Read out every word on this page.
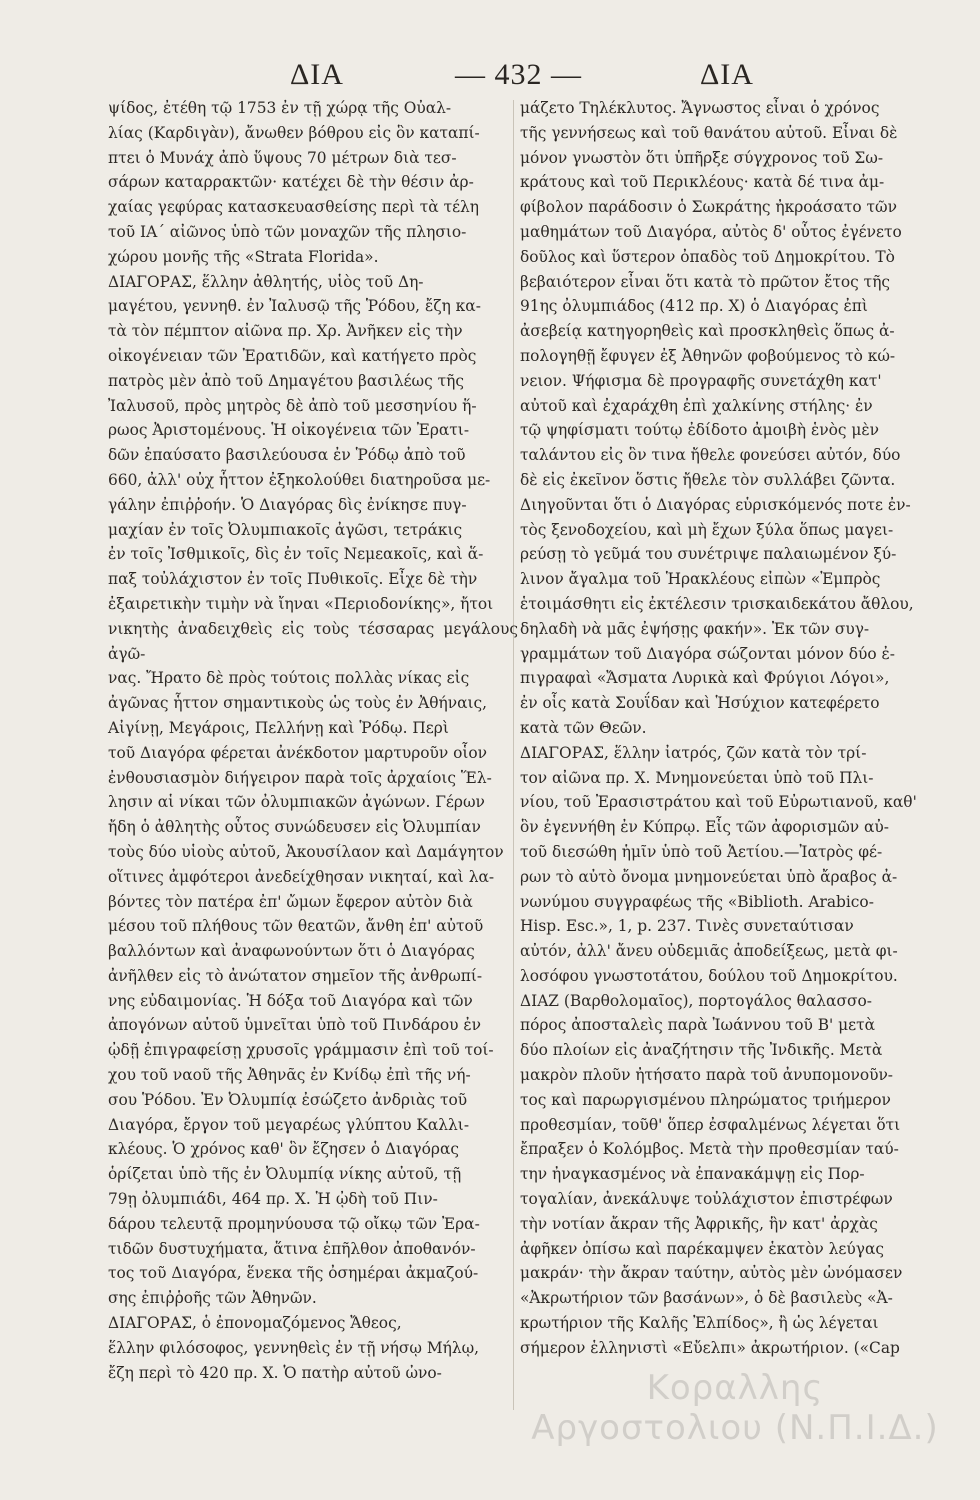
ΔΙΑ	— 432 —	ΔΙΑ

ψίδος, ἐτέθη τῷ 1753 ἐν τῇ χώρᾳ τῆς Οὐαλ-
λίας (Καρδιγὰν), ἄνωθεν βόθρου εἰς ὃν καταπί-
πτει ὁ Μυνάχ ἀπὸ ὕψους 70 μέτρων διὰ τεσ-
σάρων καταρρακτῶν· κατέχει δὲ τὴν θέσιν ἀρ-
χαίας γεφύρας κατασκευασθείσης περὶ τὰ τέλη
τοῦ ΙΑ΄ αἰῶνος ὑπὸ τῶν μοναχῶν τῆς πλησιο-
χώρου μονῆς τῆς «Strata Florida».

ΔΙΑΓΟΡΑΣ, ἕλλην ἀθλητής, υἱὸς τοῦ Δη-
μαγέτου, γεννηθ. ἐν Ἰαλυσῷ τῆς Ῥόδου, ἔζη κα-
τὰ τὸν πέμπτον αἰῶνα πρ. Χρ. Ἀνῆκεν εἰς τὴν
οἰκογένειαν τῶν Ἐρατιδῶν, καὶ κατήγετο πρὸς
πατρὸς μὲν ἀπὸ τοῦ Δημαγέτου βασιλέως τῆς
Ἰαλυσοῦ, πρὸς μητρὸς δὲ ἀπὸ τοῦ μεσσηνίου ἥ-
ρωος Ἀριστομένους. Ἡ οἰκογένεια τῶν Ἐρατι-
δῶν ἐπαύσατο βασιλεύουσα ἐν Ῥόδῳ ἀπὸ τοῦ
660, ἀλλ' οὐχ ἧττον ἐξηκολούθει διατηροῦσα με-
γάλην ἐπιῤῥοήν. Ὁ Διαγόρας δὶς ἐνίκησε πυγ-
μαχίαν ἐν τοῖς Ὀλυμπιακοῖς ἀγῶσι, τετράκις
ἐν τοῖς Ἰσθμικοῖς, δὶς ἐν τοῖς Νεμεακοῖς, καὶ ἅ-
παξ τοὐλάχιστον ἐν τοῖς Πυθικοῖς. Εἶχε δὲ τὴν
ἐξαιρετικὴν τιμὴν νὰ ἴηναι «Περιοδονίκης», ἤτοι
νικητὴς ἀναδειχθεὶς εἰς τοὺς τέσσαρας μεγάλους ἀγῶ-
νας. Ἤρατο δὲ πρὸς τούτοις πολλὰς νίκας εἰς
ἀγῶνας ἧττον σημαντικοὺς ὡς τοὺς ἐν Ἀθήναις,
Αἰγίνῃ, Μεγάροις, Πελλήνῃ καὶ Ῥόδῳ. Περὶ
τοῦ Διαγόρα φέρεται ἀνέκδοτον μαρτυροῦν οἷον
ἐνθουσιασμὸν διήγειρον παρὰ τοῖς ἀρχαίοις Ἕλ-
λησιν αἱ νίκαι τῶν ὀλυμπιακῶν ἀγώνων. Γέρων
ἤδη ὁ ἀθλητὴς οὗτος συνώδευσεν εἰς Ὀλυμπίαν
τοὺς δύο υἱοὺς αὐτοῦ, Ἀκουσίλαον καὶ Δαμάγητον
οἵτινες ἀμφότεροι ἀνεδείχθησαν νικηταί, καὶ λα-
βόντες τὸν πατέρα ἐπ' ὤμων ἔφερον αὐτὸν διὰ
μέσου τοῦ πλήθους τῶν θεατῶν, ἄνθη ἐπ' αὐτοῦ
βαλλόντων καὶ ἀναφωνούντων ὅτι ὁ Διαγόρας
ἀνῆλθεν εἰς τὸ ἀνώτατον σημεῖον τῆς ἀνθρωπί-
νης εὐδαιμονίας. Ἡ δόξα τοῦ Διαγόρα καὶ τῶν
ἀπογόνων αὐτοῦ ὑμνεῖται ὑπὸ τοῦ Πινδάρου ἐν
ᾠδῇ ἐπιγραφείσῃ χρυσοῖς γράμμασιν ἐπὶ τοῦ τοί-
χου τοῦ ναοῦ τῆς Ἀθηνᾶς ἐν Κνίδῳ ἐπὶ τῆς νή-
σου Ῥόδου. Ἐν Ὀλυμπίᾳ ἐσώζετο ἀνδριὰς τοῦ
Διαγόρα, ἔργον τοῦ μεγαρέως γλύπτου Καλλι-
κλέους. Ὁ χρόνος καθ' ὃν ἔζησεν ὁ Διαγόρας
ὁρίζεται ὑπὸ τῆς ἐν Ὀλυμπίᾳ νίκης αὐτοῦ, τῇ
79ῃ ὀλυμπιάδι, 464 πρ. Χ. Ἡ ᾠδὴ τοῦ Πιν-
δάρου τελευτᾷ προμηνύουσα τῷ οἴκῳ τῶν Ἐρα-
τιδῶν δυστυχήματα, ἅτινα ἐπῆλθον ἀποθανόν-
τος τοῦ Διαγόρα, ἕνεκα τῆς ὀσημέραι ἀκμαζού-
σης ἐπιῤῥοῆς τῶν Ἀθηνῶν.

ΔΙΑΓΟΡΑΣ, ὁ ἐπονομαζόμενος Ἄθεος,
ἕλλην φιλόσοφος, γεννηθεὶς ἐν τῇ νήσῳ Μήλῳ,
ἔζη περὶ τὸ 420 πρ. Χ. Ὁ πατὴρ αὐτοῦ ὠνο-

μάζετο Τηλέκλυτος. Ἄγνωστος εἶναι ὁ χρόνος
τῆς γεννήσεως καὶ τοῦ θανάτου αὐτοῦ. Εἶναι δὲ
μόνον γνωστὸν ὅτι ὑπῆρξε σύγχρονος τοῦ Σω-
κράτους καὶ τοῦ Περικλέους· κατὰ δέ τινα ἀμ-
φίβολον παράδοσιν ὁ Σωκράτης ἠκροάσατο τῶν
μαθημάτων τοῦ Διαγόρα, αὐτὸς δ' οὗτος ἐγένετο
δοῦλος καὶ ὕστερον ὀπαδὸς τοῦ Δημοκρίτου. Τὸ
βεβαιότερον εἶναι ὅτι κατὰ τὸ πρῶτον ἔτος τῆς
91ης ὀλυμπιάδος (412 πρ. Χ) ὁ Διαγόρας ἐπὶ
ἀσεβείᾳ κατηγορηθεὶς καὶ προσκληθεὶς ὅπως ἀ-
πολογηθῇ ἔφυγεν ἐξ Ἀθηνῶν φοβούμενος τὸ κώ-
νειον. Ψήφισμα δὲ προγραφῆς συνετάχθη κατ'
αὐτοῦ καὶ ἐχαράχθη ἐπὶ χαλκίνης στήλης· ἐν
τῷ ψηφίσματι τούτῳ ἐδίδοτο ἀμοιβὴ ἑνὸς μὲν
ταλάντου εἰς ὃν τινα ἤθελε φονεύσει αὐτόν, δύο
δὲ εἰς ἐκεῖνον ὅστις ἤθελε τὸν συλλάβει ζῶντα.
Διηγοῦνται ὅτι ὁ Διαγόρας εὑρισκόμενός ποτε ἐν-
τὸς ξενοδοχείου, καὶ μὴ ἔχων ξύλα ὅπως μαγει-
ρεύσῃ τὸ γεῦμά του συνέτριψε παλαιωμένον ξύ-
λινον ἄγαλμα τοῦ Ἡρακλέους εἰπὼν «Ἐμπρὸς
ἑτοιμάσθητι εἰς ἐκτέλεσιν τρισκαιδεκάτου ἄθλου,
δηλαδὴ νὰ μᾶς ἐψήσῃς φακήν». Ἐκ τῶν συγ-
γραμμάτων τοῦ Διαγόρα σώζονται μόνον δύο ἐ-
πιγραφαὶ «Ἄσματα Λυρικὰ καὶ Φρύγιοι Λόγοι»,
ἐν οἷς κατὰ Σουΐδαν καὶ Ἡσύχιον κατεφέρετο
κατὰ τῶν Θεῶν.

ΔΙΑΓΟΡΑΣ, ἕλλην ἰατρός, ζῶν κατὰ τὸν τρί-
τον αἰῶνα πρ. Χ. Μνημονεύεται ὑπὸ τοῦ Πλι-
νίου, τοῦ Ἐρασιστράτου καὶ τοῦ Εὐρωτιανοῦ, καθ'
ὃν ἐγεννήθη ἐν Κύπρῳ. Εἷς τῶν ἀφορισμῶν αὐ-
τοῦ διεσώθη ἡμῖν ὑπὸ τοῦ Ἀετίου.—Ἰατρὸς φέ-
ρων τὸ αὐτὸ ὄνομα μνημονεύεται ὑπὸ ἄραβος ἀ-
νωνύμου συγγραφέως τῆς «Biblioth. Arabico-
Hisp. Esc.», 1, p. 237. Τινὲς συνεταύτισαν
αὐτόν, ἀλλ' ἄνευ οὐδεμιᾶς ἀποδείξεως, μετὰ φι-
λοσόφου γνωστοτάτου, δούλου τοῦ Δημοκρίτου.

ΔΙΑΖ (Βαρθολομαῖος), πορτογάλος θαλασσο-
πόρος ἀποσταλεὶς παρὰ Ἰωάννου τοῦ Β' μετὰ
δύο πλοίων εἰς ἀναζήτησιν τῆς Ἰνδικῆς. Μετὰ
μακρὸν πλοῦν ἠτήσατο παρὰ τοῦ ἀνυπομονοῦν-
τος καὶ παρωργισμένου πληρώματος τριήμερον
προθεσμίαν, τοῦθ' ὅπερ ἐσφαλμένως λέγεται ὅτι
ἔπραξεν ὁ Κολόμβος. Μετὰ τὴν προθεσμίαν ταύ-
την ἠναγκασμένος νὰ ἐπανακάμψῃ εἰς Πορ-
τογαλίαν, ἀνεκάλυψε τοὐλάχιστον ἐπιστρέφων
τὴν νοτίαν ἄκραν τῆς Ἀφρικῆς, ἣν κατ' ἀρχὰς
ἀφῆκεν ὀπίσω καὶ παρέκαμψεν ἑκατὸν λεύγας
μακράν· τὴν ἄκραν ταύτην, αὐτὸς μὲν ὠνόμασεν
«Ἀκρωτήριον τῶν βασάνων», ὁ δὲ βασιλεὺς «Ἀ-
κρωτήριον τῆς Καλῆς Ἐλπίδος», ἢ ὡς λέγεται
σήμερον ἑλληνιστὶ «Εὔελπι» ἀκρωτήριον. («Cap

Κοραλλης
Αργοστολιου (Ν.Π.Ι.Δ.)
